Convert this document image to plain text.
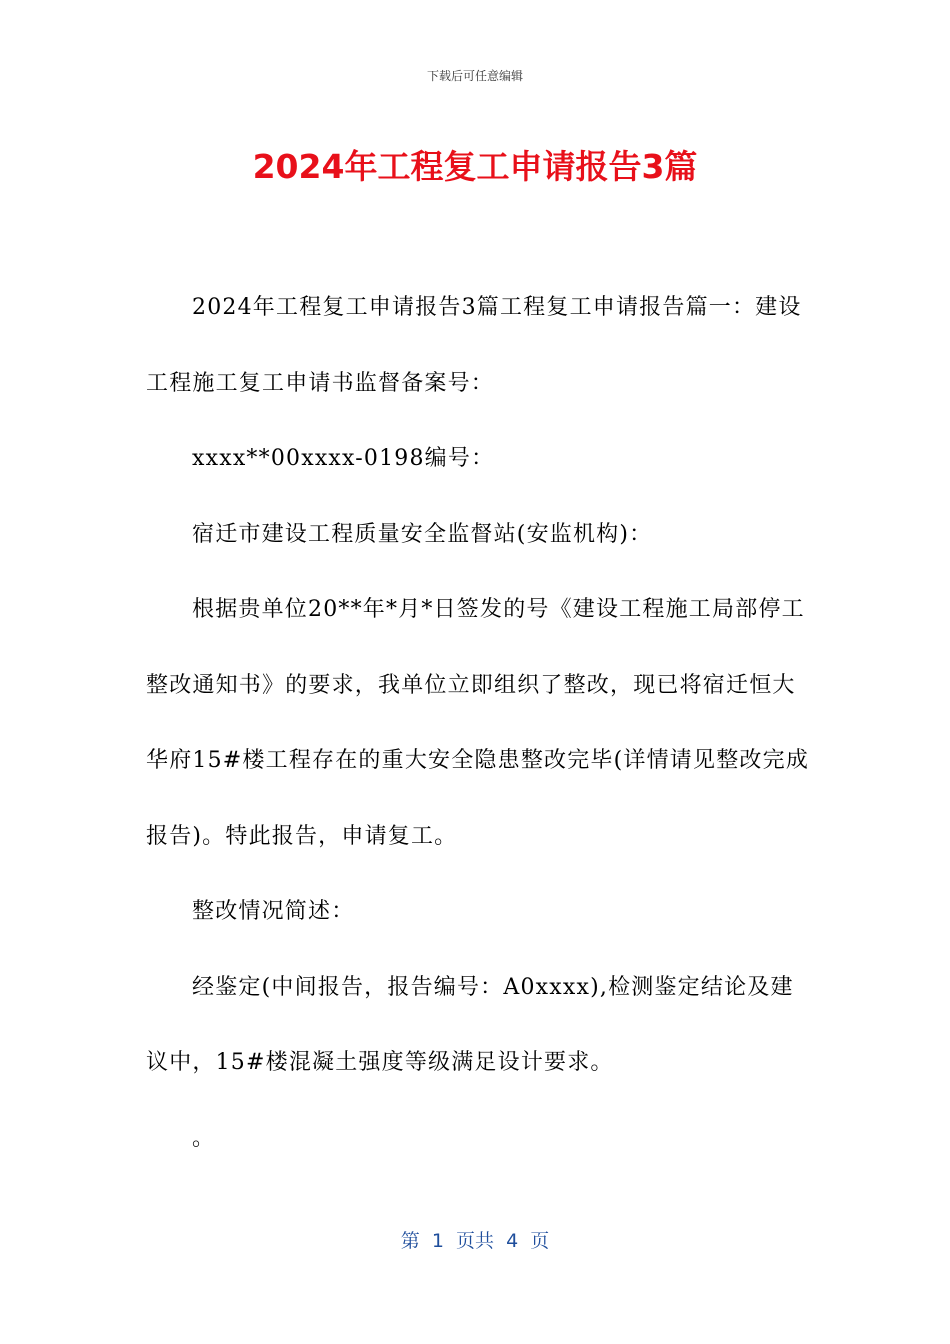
下载后可任意编辑
2024年工程复工申请报告3篇

2024年工程复工申请报告3篇工程复工申请报告篇一：建设工程施工复工申请书监督备案号：

xxxx**00xxxx-0198编号：

宿迁市建设工程质量安全监督站(安监机构)：

根据贵单位20**年*月*日签发的号《建设工程施工局部停工整改通知书》的要求，我单位立即组织了整改，现已将宿迁恒大华府15#楼工程存在的重大安全隐患整改完毕(详情请见整改完成报告)。特此报告，申请复工。

整改情况简述：

经鉴定(中间报告，报告编号：A0xxxx),检测鉴定结论及建议中，15#楼混凝土强度等级满足设计要求。

。

第  1  页共  4  页
